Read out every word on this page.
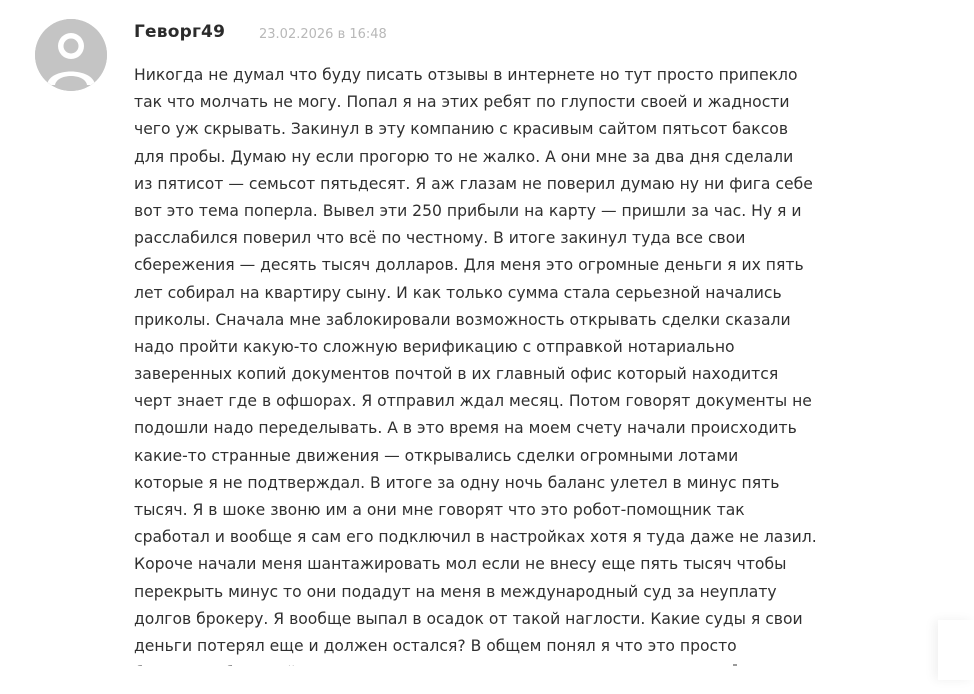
Геворг49	23.02.2026 в 16:48
Никогда не думал что буду писать отзывы в интернете но тут просто припекло
так что молчать не могу. Попал я на этих ребят по глупости своей и жадности
чего уж скрывать. Закинул в эту компанию с красивым сайтом пятьсот баксов
для пробы. Думаю ну если прогорю то не жалко. А они мне за два дня сделали
из пятисот — семьсот пятьдесят. Я аж глазам не поверил думаю ну ни фига себе
вот это тема поперла. Вывел эти 250 прибыли на карту — пришли за час. Ну я и
расслабился поверил что всё по честному. В итоге закинул туда все свои
сбережения — десять тысяч долларов. Для меня это огромные деньги я их пять
лет собирал на квартиру сыну. И как только сумма стала серьезной начались
приколы. Сначала мне заблокировали возможность открывать сделки сказали
надо пройти какую-то сложную верификацию с отправкой нотариально
заверенных копий документов почтой в их главный офис который находится
черт знает где в офшорах. Я отправил ждал месяц. Потом говорят документы не
подошли надо переделывать. А в это время на моем счету начали происходить
какие-то странные движения — открывались сделки огромными лотами
которые я не подтверждал. В итоге за одну ночь баланс улетел в минус пять
тысяч. Я в шоке звоню им а они мне говорят что это робот-помощник так
сработал и вообще я сам его подключил в настройках хотя я туда даже не лазил.
Короче начали меня шантажировать мол если не внесу еще пять тысяч чтобы
перекрыть минус то они подадут на меня в международный суд за неуплату
долгов брокеру. Я вообще выпал в осадок от такой наглости. Какие суды я свои
деньги потерял еще и должен остался? В общем понял я что это просто
